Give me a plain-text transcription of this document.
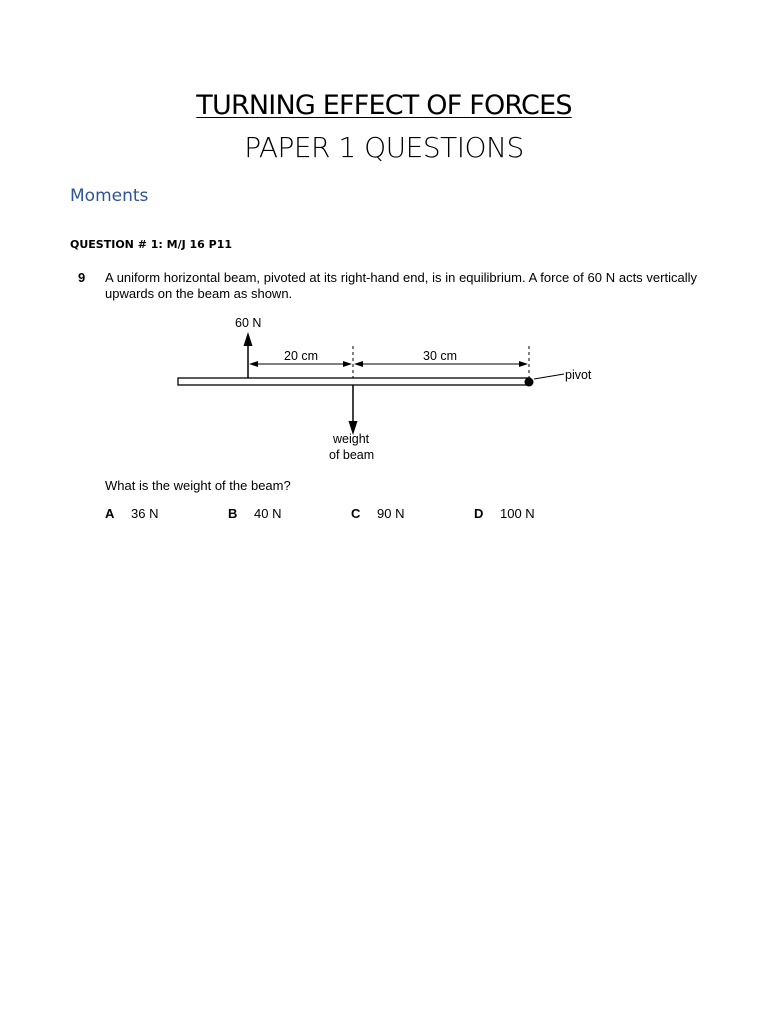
TURNING EFFECT OF FORCES
PAPER 1 QUESTIONS
Moments
QUESTION # 1: M/J 16 P11
9 A uniform horizontal beam, pivoted at its right-hand end, is in equilibrium. A force of 60 N acts vertically upwards on the beam as shown.
pivot
60 N
20 cm	30 cm
weight
of beam
What is the weight of the beam?
A 36 N	B 40 N	C 90 N	D 100 N
